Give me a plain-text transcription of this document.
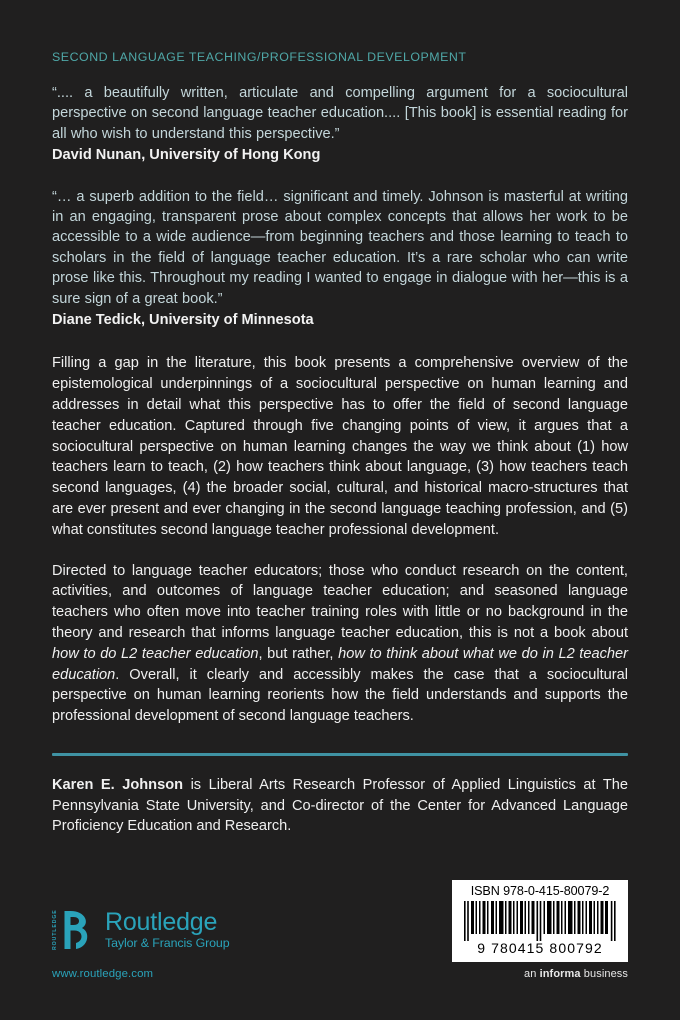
SECOND LANGUAGE TEACHING/PROFESSIONAL DEVELOPMENT
“.... a beautifully written, articulate and compelling argument for a sociocultural perspective on second language teacher education.... [This book] is essential reading for all who wish to understand this perspective.”
David Nunan, University of Hong Kong
“… a superb addition to the field… significant and timely. Johnson is masterful at writing in an engaging, transparent prose about complex concepts that allows her work to be accessible to a wide audience—from beginning teachers and those learning to teach to scholars in the field of language teacher education. It’s a rare scholar who can write prose like this. Throughout my reading I wanted to engage in dialogue with her—this is a sure sign of a great book.”
Diane Tedick, University of Minnesota
Filling a gap in the literature, this book presents a comprehensive overview of the epistemological underpinnings of a sociocultural perspective on human learning and addresses in detail what this perspective has to offer the field of second language teacher education. Captured through five changing points of view, it argues that a sociocultural perspective on human learning changes the way we think about (1) how teachers learn to teach, (2) how teachers think about language, (3) how teachers teach second languages, (4) the broader social, cultural, and historical macro-structures that are ever present and ever changing in the second language teaching profession, and (5) what constitutes second language teacher professional development.
Directed to language teacher educators; those who conduct research on the content, activities, and outcomes of language teacher education; and seasoned language teachers who often move into teacher training roles with little or no background in the theory and research that informs language teacher education, this is not a book about how to do L2 teacher education, but rather, how to think about what we do in L2 teacher education. Overall, it clearly and accessibly makes the case that a sociocultural perspective on human learning reorients how the field understands and supports the professional development of second language teachers.
Karen E. Johnson is Liberal Arts Research Professor of Applied Linguistics at The Pennsylvania State University, and Co-director of the Center for Advanced Language Proficiency Education and Research.
ROUTLEDGE Routledge
Taylor & Francis Group
www.routledge.com
ISBN 978-0-415-80079-2
9 780415 800792
an informa business
